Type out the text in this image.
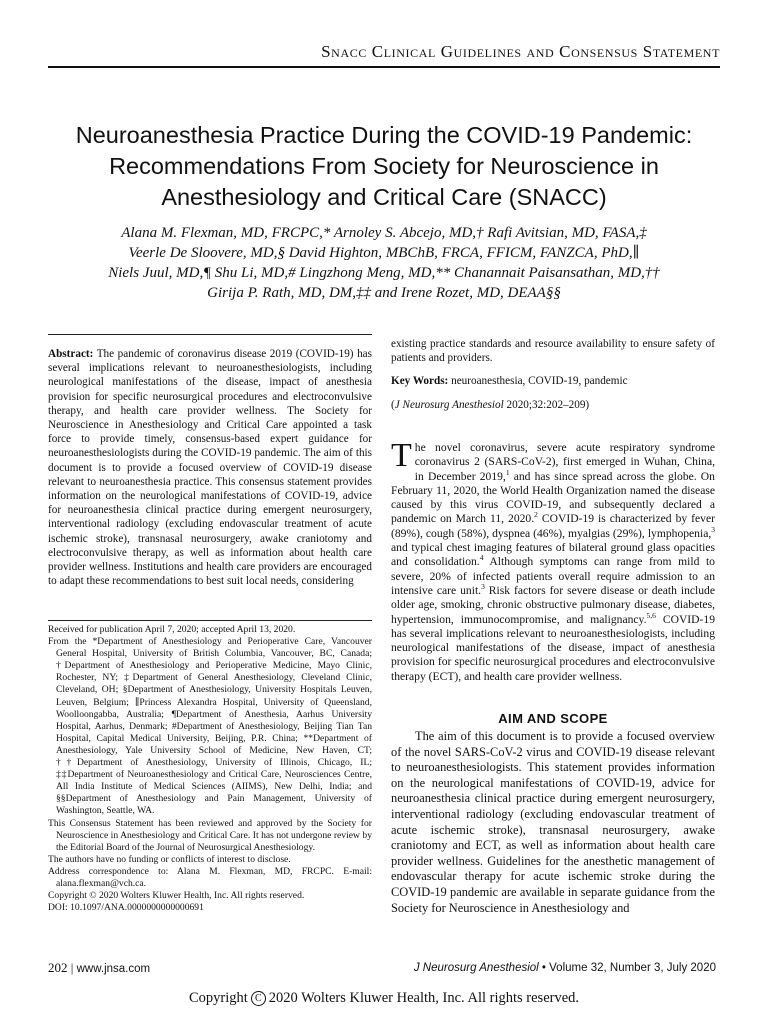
Snacc Clinical Guidelines and Consensus Statement
Neuroanesthesia Practice During the COVID-19 Pandemic:
Recommendations From Society for Neuroscience in
Anesthesiology and Critical Care (SNACC)
Alana M. Flexman, MD, FRCPC,* Arnoley S. Abcejo, MD,† Rafi Avitsian, MD, FASA,‡
Veerle De Sloovere, MD,§ David Highton, MBChB, FRCA, FFICM, FANZCA, PhD,∥
Niels Juul, MD,¶ Shu Li, MD,# Lingzhong Meng, MD,** Chanannait Paisansathan, MD,††
Girija P. Rath, MD, DM,‡‡ and Irene Rozet, MD, DEAA§§
Abstract: The pandemic of coronavirus disease 2019 (COVID-19) has several implications relevant to neuroanesthesiologists, including neurological manifestations of the disease, impact of anesthesia provision for specific neurosurgical procedures and electroconvulsive therapy, and health care provider wellness. The Society for Neuroscience in Anesthesiology and Critical Care appointed a task force to provide timely, consensus-based expert guidance for neuroanesthesiologists during the COVID-19 pandemic. The aim of this document is to provide a focused overview of COVID-19 disease relevant to neuroanesthesia practice. This consensus statement provides information on the neurological manifestations of COVID-19, advice for neuroanesthesia clinical practice during emergent neurosurgery, interventional radiology (excluding endovascular treatment of acute ischemic stroke), transnasal neurosurgery, awake craniotomy and electroconvulsive therapy, as well as information about health care provider wellness. Institutions and health care providers are encouraged to adapt these recommendations to best suit local needs, considering

Received for publication April 7, 2020; accepted April 13, 2020.

From the *Department of Anesthesiology and Perioperative Care, Vancouver General Hospital, University of British Columbia, Vancouver, BC, Canada; †Department of Anesthesiology and Perioperative Medicine, Mayo Clinic, Rochester, NY; ‡Department of General Anesthesiology, Cleveland Clinic, Cleveland, OH; §Department of Anesthesiology, University Hospitals Leuven, Leuven, Belgium; ∥Princess Alexandra Hospital, University of Queensland, Woolloongabba, Australia; ¶Department of Anesthesia, Aarhus University Hospital, Aarhus, Denmark; #Department of Anesthesiology, Beijing Tian Tan Hospital, Capital Medical University, Beijing, P.R. China; **Department of Anesthesiology, Yale University School of Medicine, New Haven, CT; ††Department of Anesthesiology, University of Illinois, Chicago, IL; ‡‡Department of Neuroanesthesiology and Critical Care, Neurosciences Centre, All India Institute of Medical Sciences (AIIMS), New Delhi, India; and §§Department of Anesthesiology and Pain Management, University of Washington, Seattle, WA.

This Consensus Statement has been reviewed and approved by the Society for Neuroscience in Anesthesiology and Critical Care. It has not undergone review by the Editorial Board of the Journal of Neurosurgical Anesthesiology.

The authors have no funding or conflicts of interest to disclose.

Address correspondence to: Alana M. Flexman, MD, FRCPC. E-mail: alana.flexman@vch.ca.

Copyright © 2020 Wolters Kluwer Health, Inc. All rights reserved.

DOI: 10.1097/ANA.0000000000000691

existing practice standards and resource availability to ensure safety of patients and providers.
Key Words: neuroanesthesia, COVID-19, pandemic
(J Neurosurg Anesthesiol 2020;32:202–209)
The novel coronavirus, severe acute respiratory syndrome coronavirus 2 (SARS-CoV-2), first emerged in Wuhan, China, in December 2019,$^1$ and has since spread across the globe. On February 11, 2020, the World Health Organization named the disease caused by this virus COVID-19, and subsequently declared a pandemic on March 11, 2020.$^2$ COVID-19 is characterized by fever (89%), cough (58%), dyspnea (46%), myalgias (29%), lymphopenia,$^3$ and typical chest imaging features of bilateral ground glass opacities and consolidation.$^4$ Although symptoms can range from mild to severe, 20% of infected patients overall require admission to an intensive care unit.$^3$ Risk factors for severe disease or death include older age, smoking, chronic obstructive pulmonary disease, diabetes, hypertension, immunocompromise, and malignancy.$^{5,6}$ COVID-19 has several implications relevant to neuroanesthesiologists, including neurological manifestations of the disease, impact of anesthesia provision for specific neurosurgical procedures and electroconvulsive therapy (ECT), and health care provider wellness.
AIM AND SCOPE
The aim of this document is to provide a focused overview of the novel SARS-CoV-2 virus and COVID-19 disease relevant to neuroanesthesiologists. This statement provides information on the neurological manifestations of COVID-19, advice for neuroanesthesia clinical practice during emergent neurosurgery, interventional radiology (excluding endovascular treatment of acute ischemic stroke), transnasal neurosurgery, awake craniotomy and ECT, as well as information about health care provider wellness. Guidelines for the anesthetic management of endovascular therapy for acute ischemic stroke during the COVID-19 pandemic are available in separate guidance from the Society for Neuroscience in Anesthesiology and
202 | www.jnsa.com	J Neurosurg Anesthesiol • Volume 32, Number 3, July 2020
Copyright C 2020 Wolters Kluwer Health, Inc. All rights reserved.
